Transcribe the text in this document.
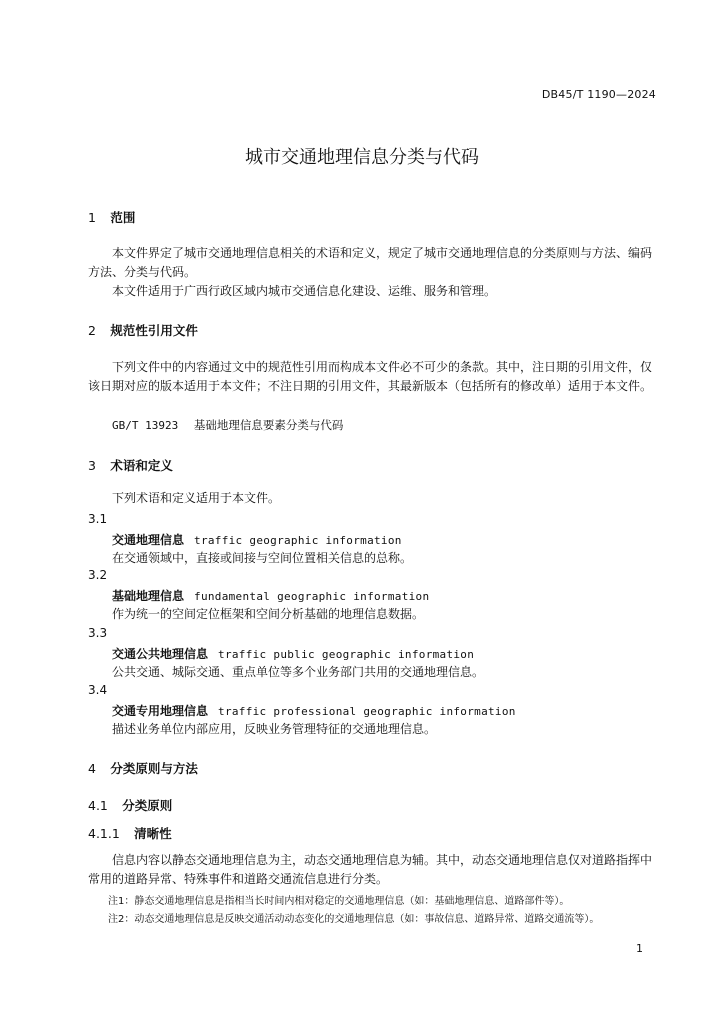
DB45/T 1190—2024
城市交通地理信息分类与代码
1 范围
本文件界定了城市交通地理信息相关的术语和定义，规定了城市交通地理信息的分类原则与方法、编码方法、分类与代码。
本文件适用于广西行政区域内城市交通信息化建设、运维、服务和管理。
2 规范性引用文件
下列文件中的内容通过文中的规范性引用而构成本文件必不可少的条款。其中，注日期的引用文件，仅该日期对应的版本适用于本文件；不注日期的引用文件，其最新版本（包括所有的修改单）适用于本文件。
GB/T 13923 基础地理信息要素分类与代码
3 术语和定义
下列术语和定义适用于本文件。
3.1
交通地理信息 traffic geographic information
在交通领域中，直接或间接与空间位置相关信息的总称。
3.2
基础地理信息 fundamental geographic information
作为统一的空间定位框架和空间分析基础的地理信息数据。
3.3
交通公共地理信息 traffic public geographic information
公共交通、城际交通、重点单位等多个业务部门共用的交通地理信息。
3.4
交通专用地理信息 traffic professional geographic information
描述业务单位内部应用，反映业务管理特征的交通地理信息。
4 分类原则与方法
4.1 分类原则
4.1.1 清晰性
信息内容以静态交通地理信息为主，动态交通地理信息为辅。其中，动态交通地理信息仅对道路指挥中常用的道路异常、特殊事件和道路交通流信息进行分类。
注1：静态交通地理信息是指相当长时间内相对稳定的交通地理信息（如：基础地理信息、道路部件等）。
注2：动态交通地理信息是反映交通活动动态变化的交通地理信息（如：事故信息、道路异常、道路交通流等）。
1
